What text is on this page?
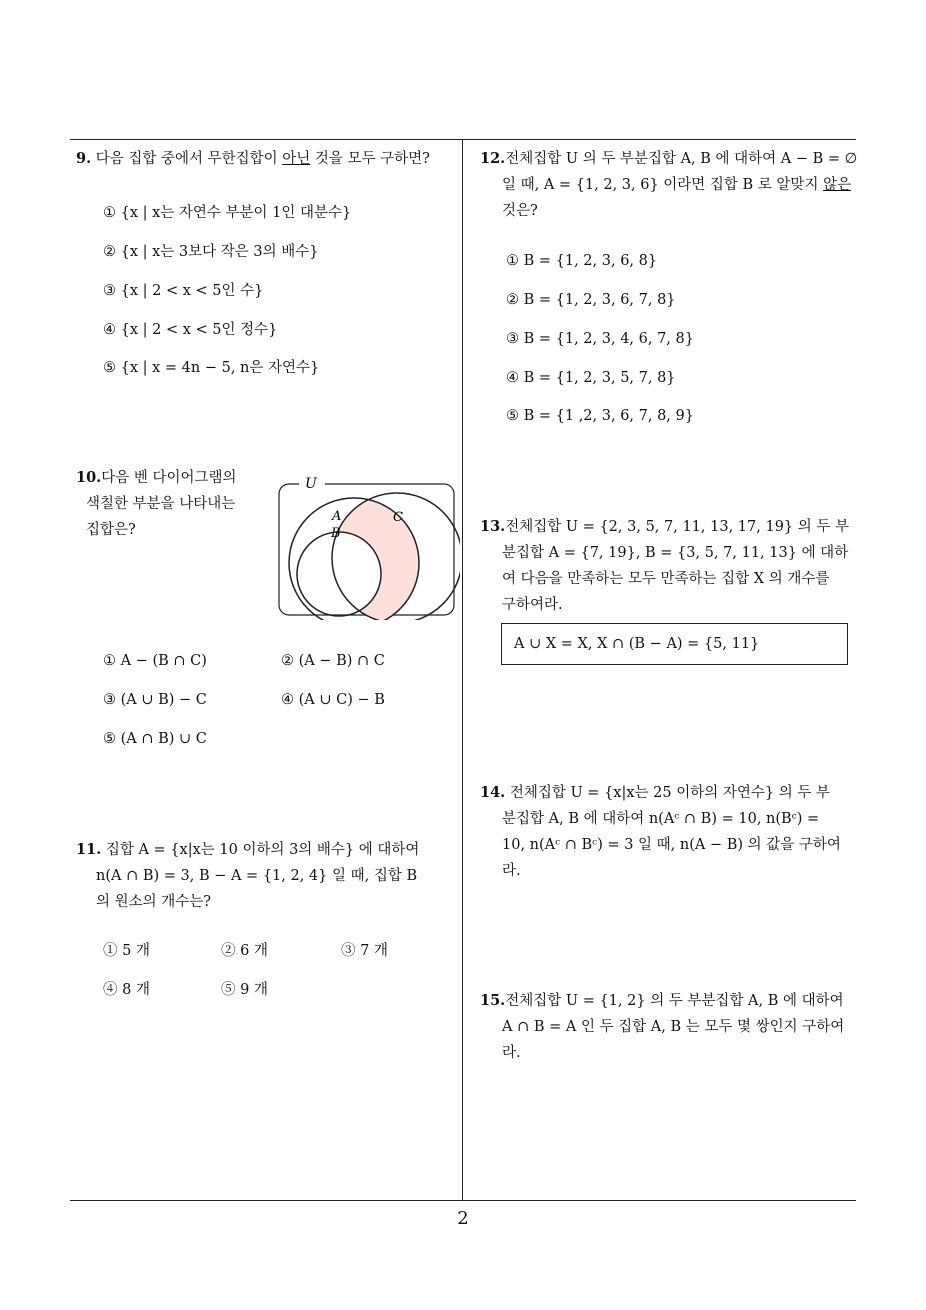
9. 다음 집합 중에서 무한집합이 아닌 것을 모두 구하면?
① {x | x는 자연수 부분이 1인 대분수}
② {x | x는 3보다 작은 3의 배수}
③ {x | 2 < x < 5인 수}
④ {x | 2 < x < 5인 정수}
⑤ {x | x = 4n − 5, n은 자연수}
10.다음 벤 다이어그램의
색칠한 부분을 나타내는
집합은?
U
A
B
C
① A − (B ∩ C)	② (A − B) ∩ C
③ (A ∪ B) − C	④ (A ∪ C) − B
⑤ (A ∩ B) ∪ C
11. 집합 A = {x|x는 10 이하의 3의 배수} 에 대하여
n(A ∩ B) = 3, B − A = {1, 2, 4} 일 때, 집합 B
의 원소의 개수는?
① 5 개	② 6 개	③ 7 개
④ 8 개	⑤ 9 개
12.전체집합 U 의 두 부분집합 A, B 에 대하여 A − B = ∅
일 때, A = {1, 2, 3, 6} 이라면 집합 B 로 알맞지 않은
것은?
① B = {1, 2, 3, 6, 8}
② B = {1, 2, 3, 6, 7, 8}
③ B = {1, 2, 3, 4, 6, 7, 8}
④ B = {1, 2, 3, 5, 7, 8}
⑤ B = {1 ,2, 3, 6, 7, 8, 9}
13.전체집합 U = {2, 3, 5, 7, 11, 13, 17, 19} 의 두 부
분집합 A = {7, 19}, B = {3, 5, 7, 11, 13} 에 대하
여 다음을 만족하는 모두 만족하는 집합 X 의 개수를
구하여라.
A ∪ X = X, X ∩ (B − A) = {5, 11}
14. 전체집합 U = {x|x는 25 이하의 자연수} 의 두 부
분집합 A, B 에 대하여 n(Aᶜ ∩ B) = 10, n(Bᶜ) =
10, n(Aᶜ ∩ Bᶜ) = 3 일 때, n(A − B) 의 값을 구하여
라.
15.전체집합 U = {1, 2} 의 두 부분집합 A, B 에 대하여
A ∩ B = A 인 두 집합 A, B 는 모두 몇 쌍인지 구하여
라.
2
